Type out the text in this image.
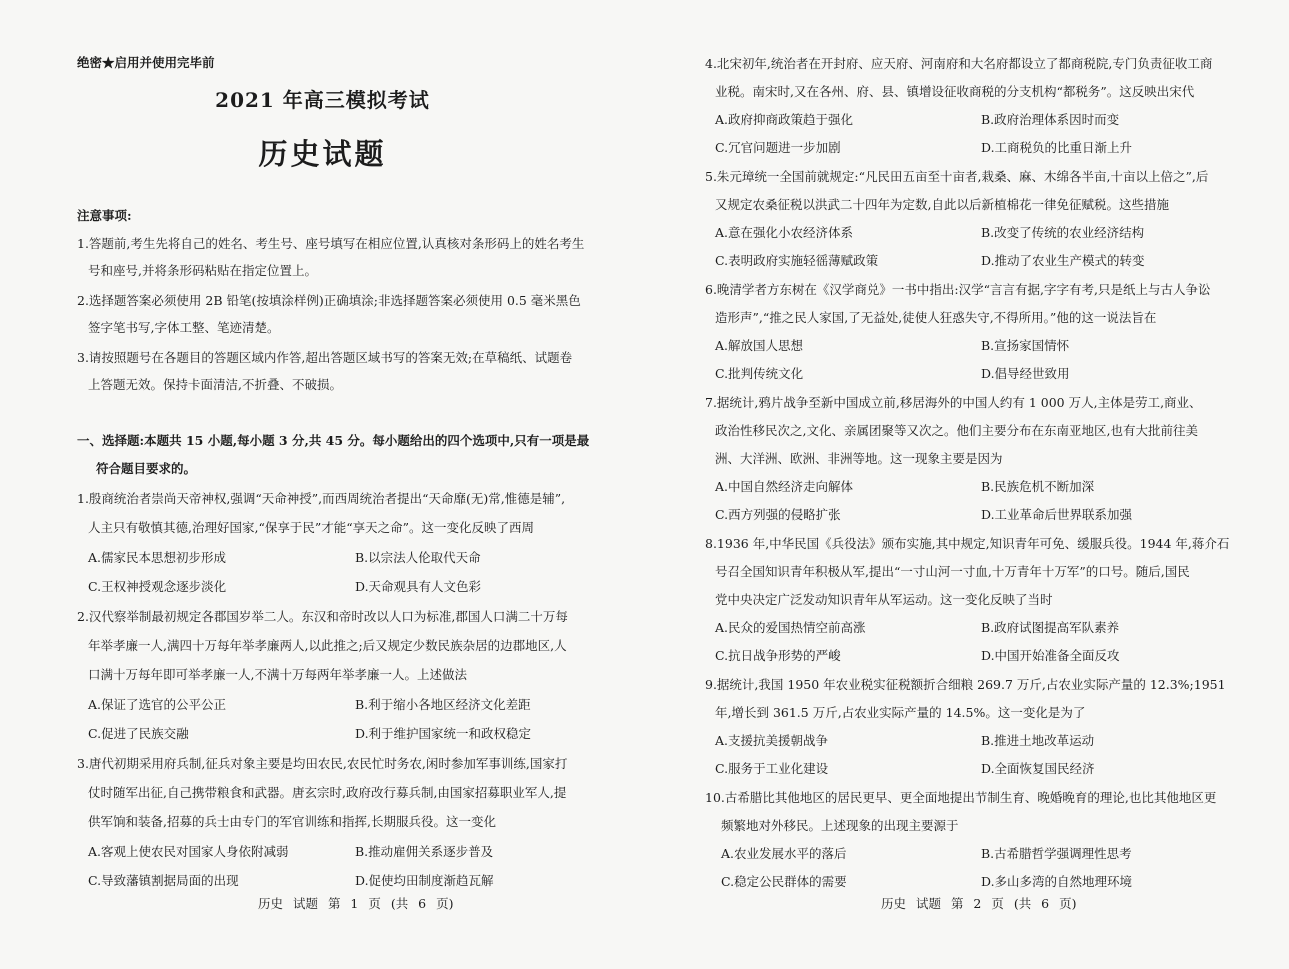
绝密★启用并使用完毕前
2021 年高三模拟考试
历史试题
注意事项:
1.答题前,考生先将自己的姓名、考生号、座号填写在相应位置,认真核对条形码上的姓名考生
号和座号,并将条形码粘贴在指定位置上。
2.选择题答案必须使用 2B 铅笔(按填涂样例)正确填涂;非选择题答案必须使用 0.5 毫米黑色
签字笔书写,字体工整、笔迹清楚。
3.请按照题号在各题目的答题区域内作答,超出答题区域书写的答案无效;在草稿纸、试题卷
上答题无效。保持卡面清洁,不折叠、不破损。
一、选择题:本题共 15 小题,每小题 3 分,共 45 分。每小题给出的四个选项中,只有一项是最
符合题目要求的。
1.殷商统治者崇尚天帝神权,强调“天命神授”,而西周统治者提出“天命靡(无)常,惟德是辅”,
人主只有敬慎其德,治理好国家,“保享于民”才能“享天之命”。这一变化反映了西周
A.儒家民本思想初步形成	B.以宗法人伦取代天命
C.王权神授观念逐步淡化	D.天命观具有人文色彩
2.汉代察举制最初规定各郡国岁举二人。东汉和帝时改以人口为标准,郡国人口满二十万每
年举孝廉一人,满四十万每年举孝廉两人,以此推之;后又规定少数民族杂居的边郡地区,人
口满十万每年即可举孝廉一人,不满十万每两年举孝廉一人。上述做法
A.保证了选官的公平公正	B.利于缩小各地区经济文化差距
C.促进了民族交融	D.利于维护国家统一和政权稳定
3.唐代初期采用府兵制,征兵对象主要是均田农民,农民忙时务农,闲时参加军事训练,国家打
仗时随军出征,自己携带粮食和武器。唐玄宗时,政府改行募兵制,由国家招募职业军人,提
供军饷和装备,招募的兵士由专门的军官训练和指挥,长期服兵役。这一变化
A.客观上使农民对国家人身依附减弱	B.推动雇佣关系逐步普及
C.导致藩镇割据局面的出现	D.促使均田制度渐趋瓦解
历史 试题 第 1 页 (共 6 页)
4.北宋初年,统治者在开封府、应天府、河南府和大名府都设立了都商税院,专门负责征收工商
业税。南宋时,又在各州、府、县、镇增设征收商税的分支机构“都税务”。这反映出宋代
A.政府抑商政策趋于强化	B.政府治理体系因时而变
C.冗官问题进一步加剧	D.工商税负的比重日渐上升
5.朱元璋统一全国前就规定:“凡民田五亩至十亩者,栽桑、麻、木绵各半亩,十亩以上倍之”,后
又规定农桑征税以洪武二十四年为定数,自此以后新植棉花一律免征赋税。这些措施
A.意在强化小农经济体系	B.改变了传统的农业经济结构
C.表明政府实施轻徭薄赋政策	D.推动了农业生产模式的转变
6.晚清学者方东树在《汉学商兑》一书中指出:汉学“言言有据,字字有考,只是纸上与古人争讼
造形声”,“推之民人家国,了无益处,徒使人狂惑失守,不得所用。”他的这一说法旨在
A.解放国人思想	B.宣扬家国情怀
C.批判传统文化	D.倡导经世致用
7.据统计,鸦片战争至新中国成立前,移居海外的中国人约有 1 000 万人,主体是劳工,商业、
政治性移民次之,文化、亲属团聚等又次之。他们主要分布在东南亚地区,也有大批前往美
洲、大洋洲、欧洲、非洲等地。这一现象主要是因为
A.中国自然经济走向解体	B.民族危机不断加深
C.西方列强的侵略扩张	D.工业革命后世界联系加强
8.1936 年,中华民国《兵役法》颁布实施,其中规定,知识青年可免、缓服兵役。1944 年,蒋介石
号召全国知识青年积极从军,提出“一寸山河一寸血,十万青年十万军”的口号。随后,国民
党中央决定广泛发动知识青年从军运动。这一变化反映了当时
A.民众的爱国热情空前高涨	B.政府试图提高军队素养
C.抗日战争形势的严峻	D.中国开始准备全面反攻
9.据统计,我国 1950 年农业税实征税额折合细粮 269.7 万斤,占农业实际产量的 12.3%;1951
年,增长到 361.5 万斤,占农业实际产量的 14.5%。这一变化是为了
A.支援抗美援朝战争	B.推进土地改革运动
C.服务于工业化建设	D.全面恢复国民经济
10.古希腊比其他地区的居民更早、更全面地提出节制生育、晚婚晚育的理论,也比其他地区更
频繁地对外移民。上述现象的出现主要源于
A.农业发展水平的落后	B.古希腊哲学强调理性思考
C.稳定公民群体的需要	D.多山多湾的自然地理环境
历史 试题 第 2 页 (共 6 页)
